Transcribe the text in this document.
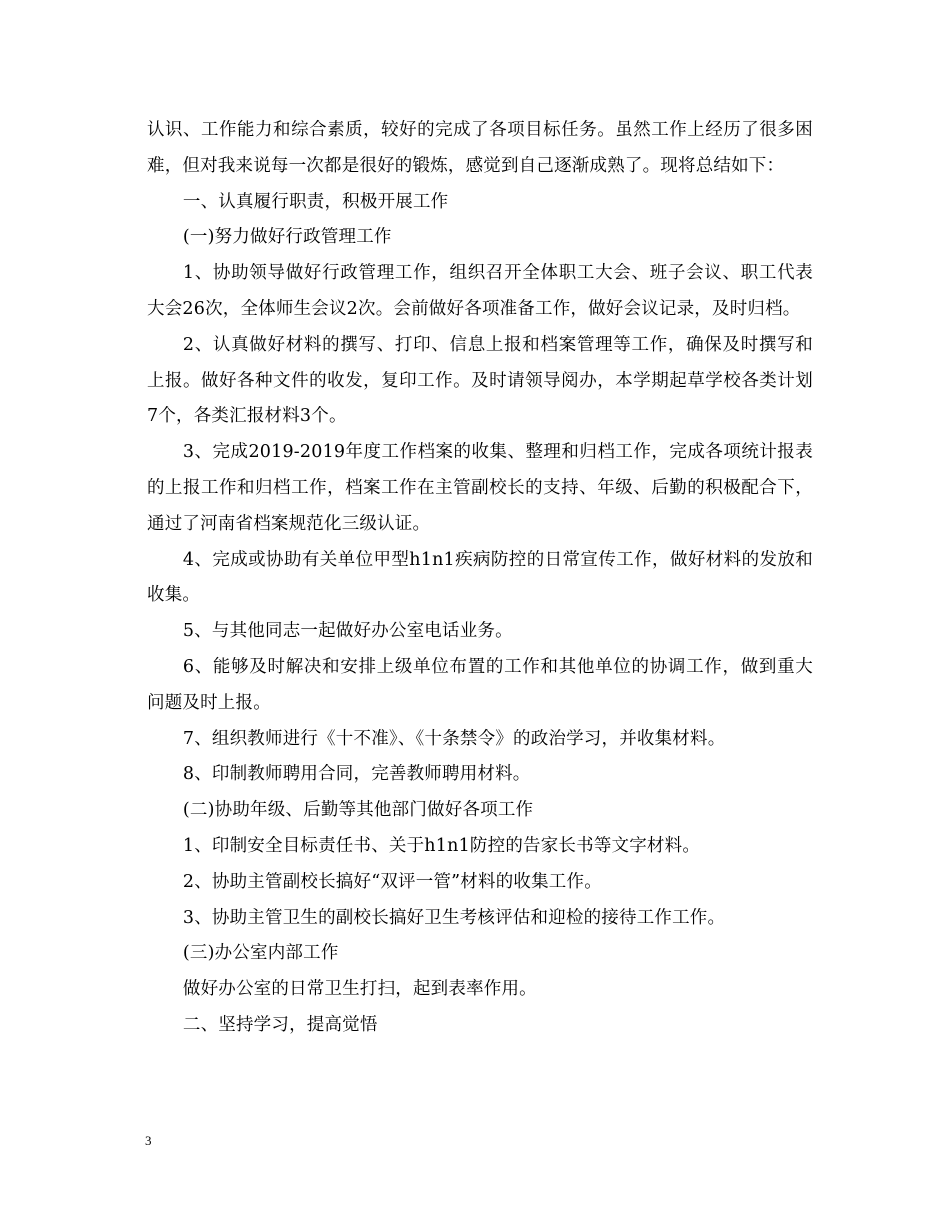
认识、工作能力和综合素质，较好的完成了各项目标任务。虽然工作上经历了很多困难，但对我来说每一次都是很好的锻炼，感觉到自己逐渐成熟了。现将总结如下：

一、认真履行职责，积极开展工作

(一)努力做好行政管理工作

1、协助领导做好行政管理工作，组织召开全体职工大会、班子会议、职工代表大会26次，全体师生会议2次。会前做好各项准备工作，做好会议记录，及时归档。

2、认真做好材料的撰写、打印、信息上报和档案管理等工作，确保及时撰写和上报。做好各种文件的收发，复印工作。及时请领导阅办，本学期起草学校各类计划7个，各类汇报材料3个。

3、完成2019-2019年度工作档案的收集、整理和归档工作，完成各项统计报表的上报工作和归档工作，档案工作在主管副校长的支持、年级、后勤的积极配合下，通过了河南省档案规范化三级认证。

4、完成或协助有关单位甲型h1n1疾病防控的日常宣传工作，做好材料的发放和收集。

5、与其他同志一起做好办公室电话业务。

6、能够及时解决和安排上级单位布置的工作和其他单位的协调工作，做到重大问题及时上报。

7、组织教师进行《十不准》、《十条禁令》的政治学习，并收集材料。

8、印制教师聘用合同，完善教师聘用材料。

(二)协助年级、后勤等其他部门做好各项工作

1、印制安全目标责任书、关于h1n1防控的告家长书等文字材料。

2、协助主管副校长搞好“双评一管”材料的收集工作。

3、协助主管卫生的副校长搞好卫生考核评估和迎检的接待工作工作。

(三)办公室内部工作

做好办公室的日常卫生打扫，起到表率作用。

二、坚持学习，提高觉悟

3
